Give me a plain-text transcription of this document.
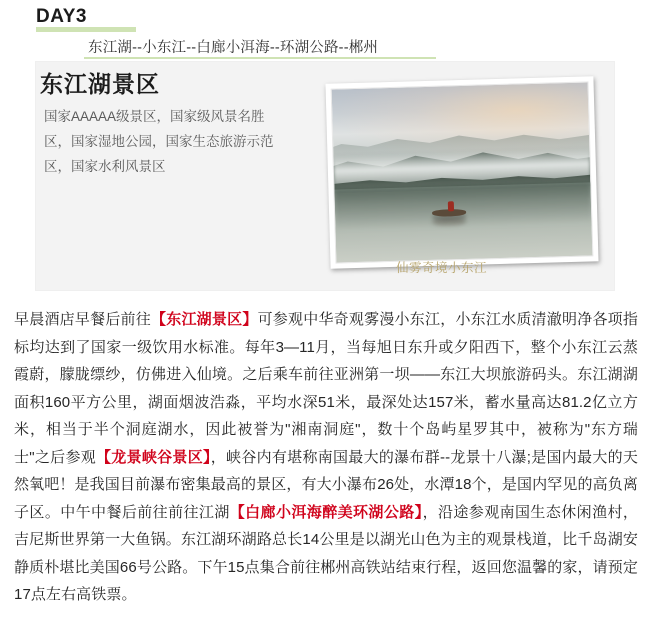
DAY3
东江湖--小东江--白廊小洱海--环湖公路--郴州
东江湖景区
国家AAAAA级景区，国家级风景名胜区，国家湿地公园，国家生态旅游示范区，国家水利风景区
仙雾奇境小东江
早晨酒店早餐后前往【东江湖景区】可参观中华奇观雾漫小东江，小东江水质清澈明净各项指标均达到了国家一级饮用水标准。每年3—11月，当每旭日东升或夕阳西下，整个小东江云蒸霞蔚，朦胧缥纱，仿佛进入仙境。之后乘车前往亚洲第一坝——东江大坝旅游码头。东江湖湖面积160平方公里，湖面烟波浩淼，平均水深51米，最深处达157米，蓄水量高达81.2亿立方米，相当于半个洞庭湖水，因此被誉为"湘南洞庭"，数十个岛屿星罗其中，被称为"东方瑞士"之后参观【龙景峡谷景区】，峡谷内有堪称南国最大的瀑布群--龙景十八瀑;是国内最大的天然氧吧！是我国目前瀑布密集最高的景区，有大小瀑布26处，水潭18个，是国内罕见的高负离子区。中午中餐后前往前往江湖【白廊小洱海醉美环湖公路】，沿途参观南国生态休闲渔村，吉尼斯世界第一大鱼锅。东江湖环湖路总长14公里是以湖光山色为主的观景栈道，比千岛湖安静质朴堪比美国66号公路。下午15点集合前往郴州高铁站结束行程，返回您温馨的家，请预定17点左右高铁票。
